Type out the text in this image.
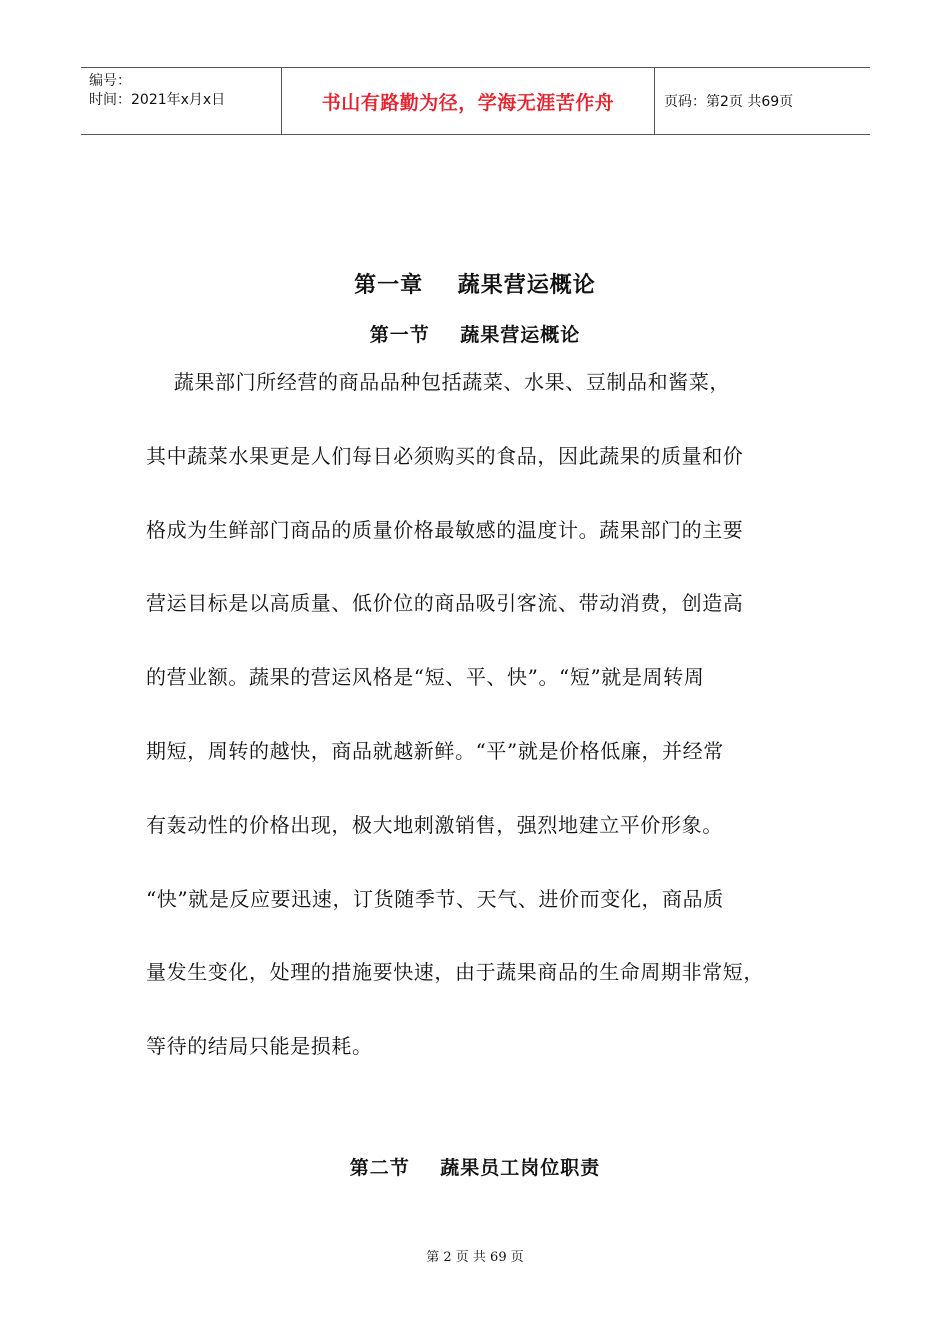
编号：
时间：2021年x月x日	书山有路勤为径，学海无涯苦作舟	页码：第2页 共69页
第一章    蔬果营运概论
第一节    蔬果营运概论
蔬果部门所经营的商品品种包括蔬菜、水果、豆制品和酱菜，
其中蔬菜水果更是人们每日必须购买的食品，因此蔬果的质量和价
格成为生鲜部门商品的质量价格最敏感的温度计。蔬果部门的主要
营运目标是以高质量、低价位的商品吸引客流、带动消费，创造高
的营业额。蔬果的营运风格是“短、平、快”。“短”就是周转周
期短，周转的越快，商品就越新鲜。“平”就是价格低廉，并经常
有轰动性的价格出现，极大地刺激销售，强烈地建立平价形象。
“快”就是反应要迅速，订货随季节、天气、进价而变化，商品质
量发生变化，处理的措施要快速，由于蔬果商品的生命周期非常短，
等待的结局只能是损耗。
第二节    蔬果员工岗位职责
第 2 页 共 69 页
